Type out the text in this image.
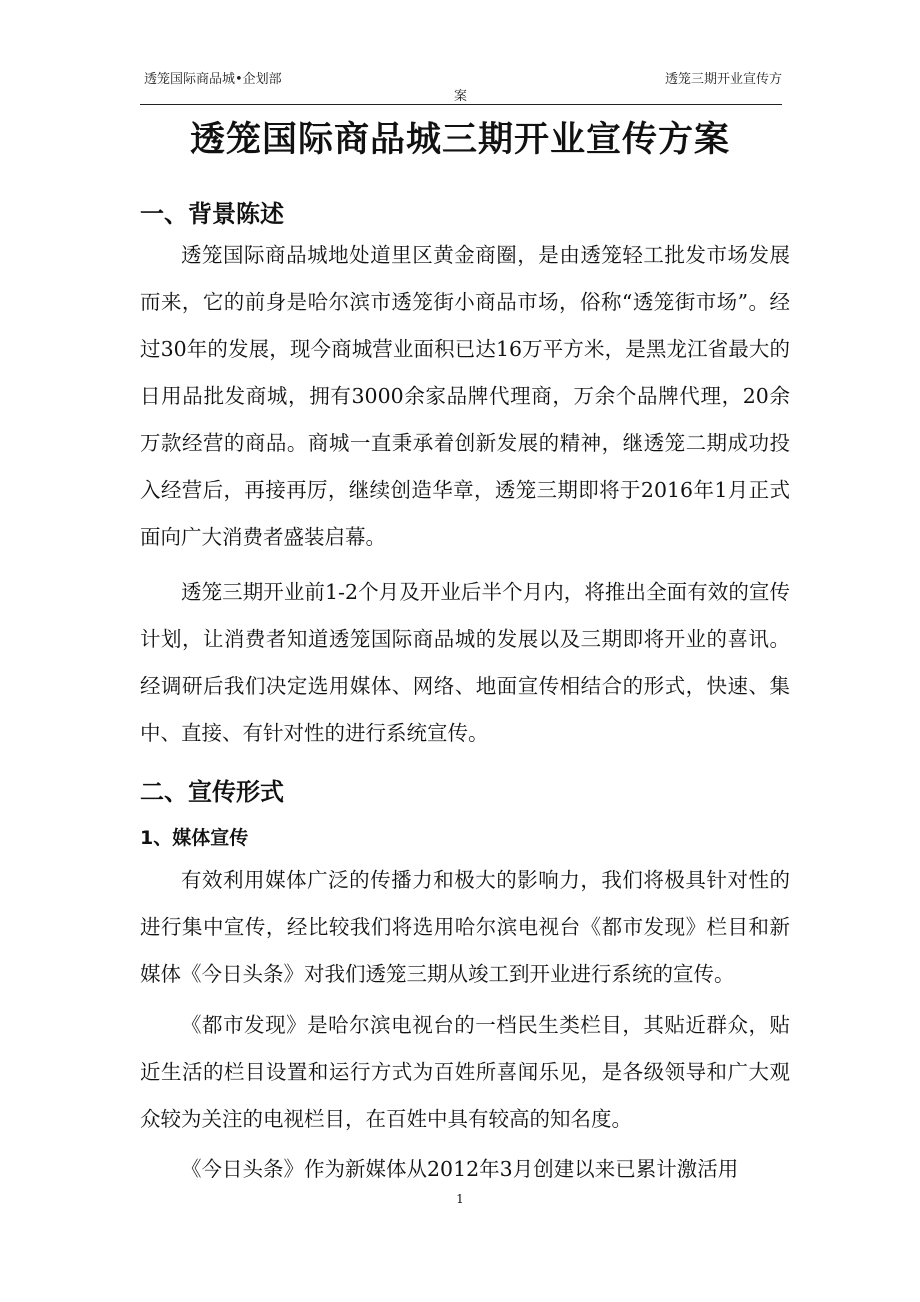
透笼国际商品城•企划部	透笼三期开业宣传方
案
透笼国际商品城三期开业宣传方案
一、背景陈述

透笼国际商品城地处道里区黄金商圈，是由透笼轻工批发市场发展而来，它的前身是哈尔滨市透笼街小商品市场，俗称“透笼街市场”。经过30年的发展，现今商城营业面积已达16万平方米，是黑龙江省最大的日用品批发商城，拥有3000余家品牌代理商，万余个品牌代理，20余万款经营的商品。商城一直秉承着创新发展的精神，继透笼二期成功投入经营后，再接再厉，继续创造华章，透笼三期即将于2016年1月正式面向广大消费者盛装启幕。

透笼三期开业前1-2个月及开业后半个月内，将推出全面有效的宣传计划，让消费者知道透笼国际商品城的发展以及三期即将开业的喜讯。经调研后我们决定选用媒体、网络、地面宣传相结合的形式，快速、集中、直接、有针对性的进行系统宣传。

二、宣传形式
1、媒体宣传

有效利用媒体广泛的传播力和极大的影响力，我们将极具针对性的进行集中宣传，经比较我们将选用哈尔滨电视台《都市发现》栏目和新媒体《今日头条》对我们透笼三期从竣工到开业进行系统的宣传。

《都市发现》是哈尔滨电视台的一档民生类栏目，其贴近群众，贴近生活的栏目设置和运行方式为百姓所喜闻乐见，是各级领导和广大观众较为关注的电视栏目，在百姓中具有较高的知名度。

《今日头条》作为新媒体从2012年3月创建以来已累计激活用

1
